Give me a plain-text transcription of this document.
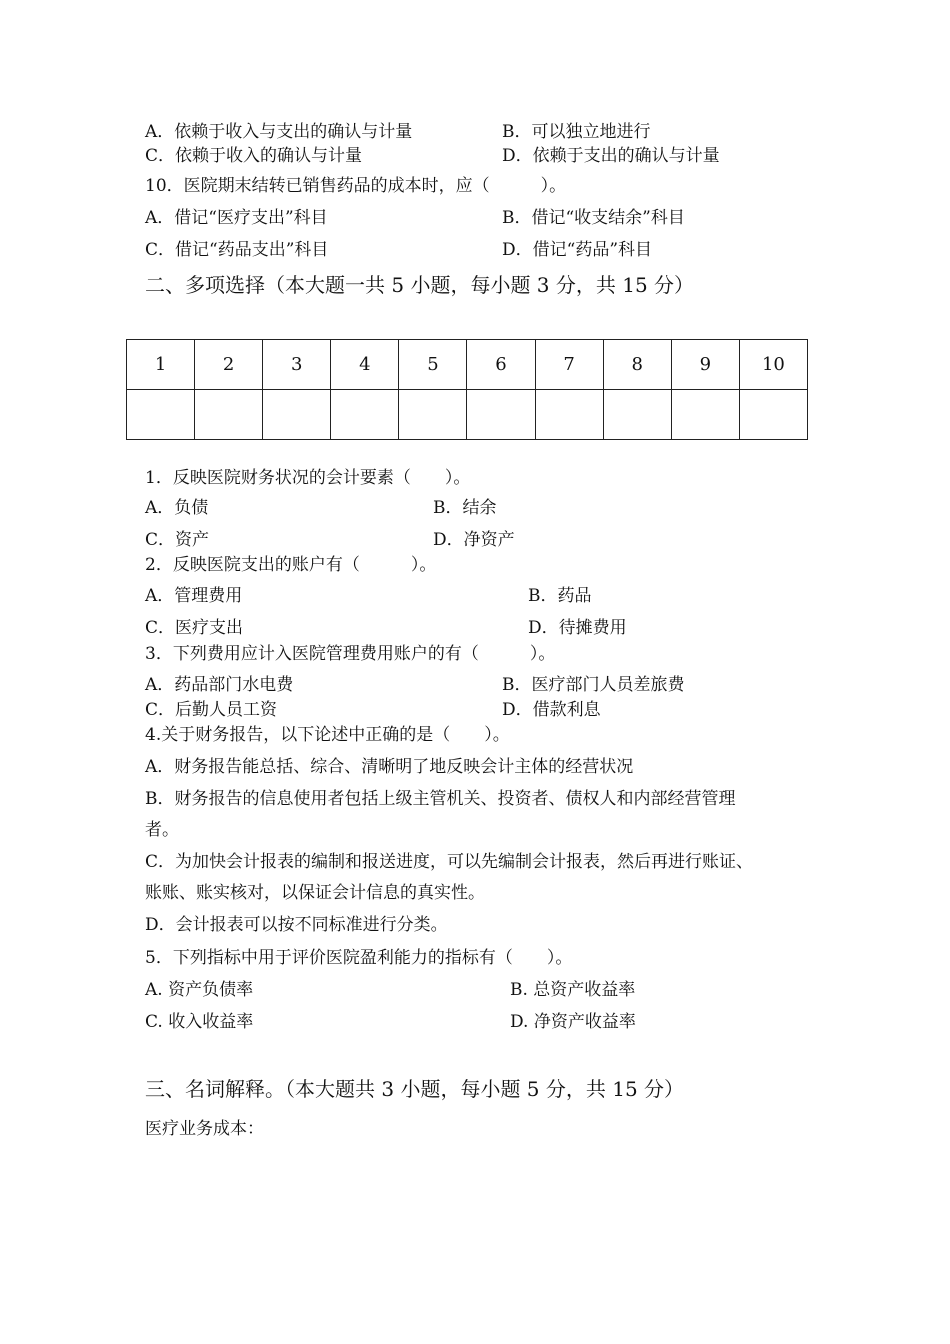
A．依赖于收入与支出的确认与计量	B．可以独立地进行
C．依赖于收入的确认与计量	D．依赖于支出的确认与计量
10．医院期末结转已销售药品的成本时，应（　　　）。
A．借记“医疗支出”科目	B．借记“收支结余”科目
C．借记“药品支出”科目	D．借记“药品”科目
二、多项选择（本大题一共 5 小题，每小题 3 分，共 15 分）
1	2	3	4	5	6	7	8	9	10

1．反映医院财务状况的会计要素（　　）。
A．负债	B．结余
C．资产	D．净资产
2．反映医院支出的账户有（　　　）。
A．管理费用	B．药品
C．医疗支出	D．待摊费用
3．下列费用应计入医院管理费用账户的有（　　　）。
A．药品部门水电费	B．医疗部门人员差旅费
C．后勤人员工资	D．借款利息
4.关于财务报告，以下论述中正确的是（　　）。
A．财务报告能总括、综合、清晰明了地反映会计主体的经营状况
B．财务报告的信息使用者包括上级主管机关、投资者、债权人和内部经营管理
者。
C．为加快会计报表的编制和报送进度，可以先编制会计报表，然后再进行账证、
账账、账实核对，以保证会计信息的真实性。
D．会计报表可以按不同标准进行分类。
5．下列指标中用于评价医院盈利能力的指标有（　　）。
A. 资产负债率	B. 总资产收益率
C. 收入收益率	D. 净资产收益率
三、名词解释。（本大题共 3 小题，每小题 5 分，共 15 分）
医疗业务成本：
